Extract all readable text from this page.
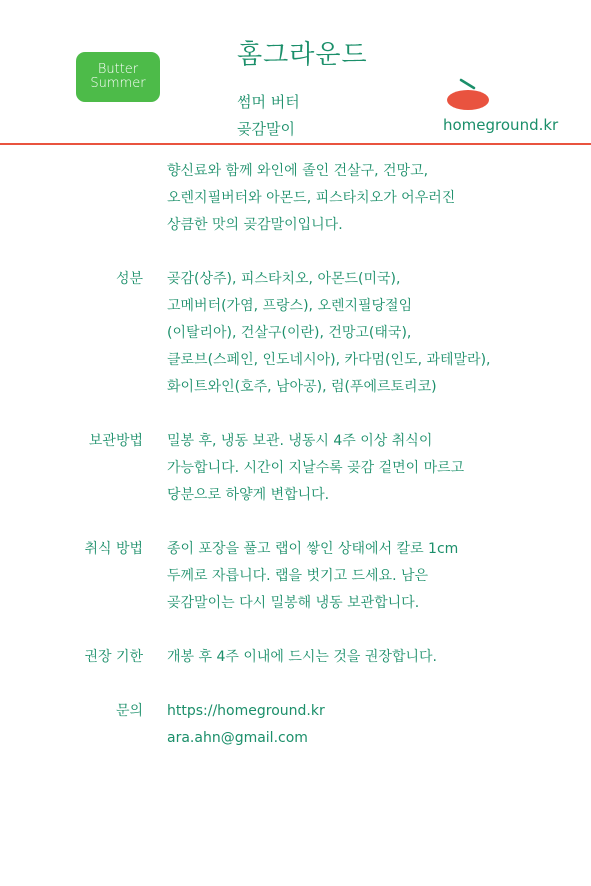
Butter
Summer
홈그라운드
썸머 버터
곶감말이	homeground.kr
향신료와 함께 와인에 졸인 건살구, 건망고,
오렌지필버터와 아몬드, 피스타치오가 어우러진
상큼한 맛의 곶감말이입니다.
성분 곶감(상주), 피스타치오, 아몬드(미국),
고메버터(가염, 프랑스), 오렌지필당절임
(이탈리아), 건살구(이란), 건망고(태국),
클로브(스페인, 인도네시아), 카다멈(인도, 과테말라),
화이트와인(호주, 남아공), 럼(푸에르토리코)
보관방법 밀봉 후, 냉동 보관. 냉동시 4주 이상 취식이
가능합니다. 시간이 지날수록 곶감 겉면이 마르고
당분으로 하얗게 변합니다.
취식 방법 종이 포장을 풀고 랩이 쌓인 상태에서 칼로 1cm
두께로 자릅니다. 랩을 벗기고 드세요. 남은
곶감말이는 다시 밀봉해 냉동 보관합니다.
권장 기한 개봉 후 4주 이내에 드시는 것을 권장합니다.
문의 https://homeground.kr
ara.ahn@gmail.com
